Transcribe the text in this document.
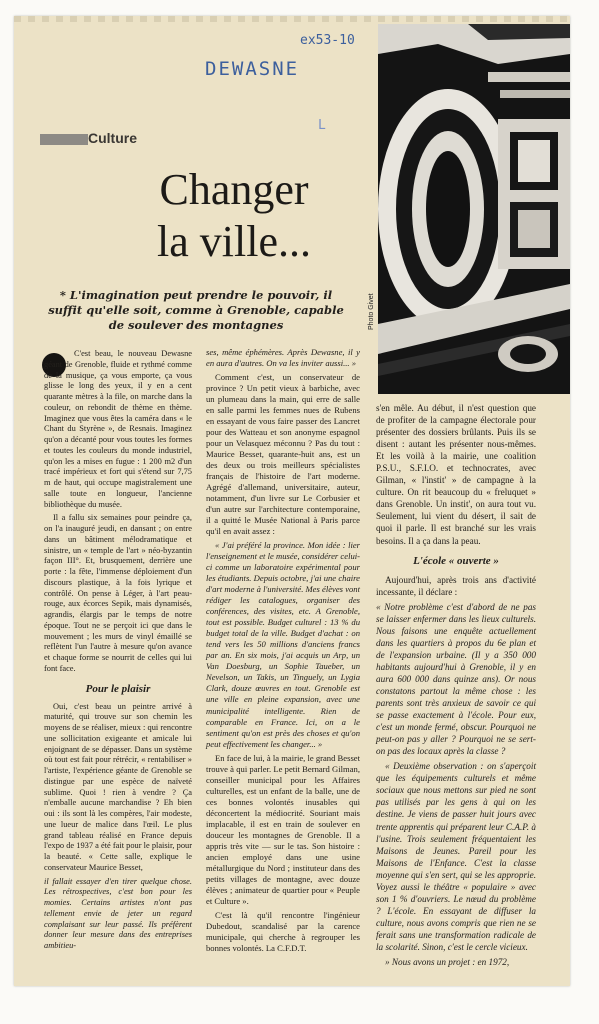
ex53-10
DEWASNE
L
Photo Givet
Culture
Changer
la ville...
* L'imagination peut prendre le pouvoir, il suffit qu'elle soit, comme à Grenoble, capable de soulever des montagnes

C'est beau, le nouveau Dewasne géant de Grenoble, fluide et rythmé comme de la musique, ça vous emporte, ça vous glisse le long des yeux, il y en a cent quarante mètres à la file, on marche dans la couleur, on rebondit de thème en thème. Imaginez que vous êtes la caméra dans « le Chant du Styrène », de Resnais. Imaginez qu'on a décanté pour vous toutes les formes et toutes les couleurs du monde industriel, qu'on les a mises en fugue : 1 200 m2 d'un tracé impérieux et fort qui s'étend sur 7,75 m de haut, qui occupe magistralement une salle toute en longueur, l'ancienne bibliothèque du musée.

Il a fallu six semaines pour peindre ça, on l'a inauguré jeudi, en dansant ; on entre dans un bâtiment mélodramatique et sinistre, un « temple de l'art » néo-byzantin façon III°. Et, brusquement, derrière une porte : la fête, l'immense déploiement d'un discours plastique, à la fois lyrique et contrôlé. On pense à Léger, à l'art peau-rouge, aux écorces Sepik, mais dynamisés, agrandis, élargis par le temps de notre époque. Tout ne se perçoit ici que dans le mouvement ; les murs de vinyl émaillé se reflètent l'un l'autre à mesure qu'on avance et chaque forme se nourrit de celles qui lui font face.

Pour le plaisir

Oui, c'est beau un peintre arrivé à maturité, qui trouve sur son chemin les moyens de se réaliser, mieux : qui rencontre une sollicitation exigeante et amicale lui enjoignant de se dépasser. Dans un système où tout est fait pour rétrécir, « rentabiliser » l'artiste, l'expérience géante de Grenoble se distingue par une espèce de naïveté sublime. Quoi ! rien à vendre ? Ça n'emballe aucune marchandise ? Eh bien oui : ils sont là les compères, l'air modeste, une lueur de malice dans l'œil. Le plus grand tableau réalisé en France depuis l'expo de 1937 a été fait pour le plaisir, pour la beauté. « Cette salle, explique le conservateur Maurice Besset,

il fallait essayer d'en tirer quelque chose. Les rétrospectives, c'est bon pour les momies. Certains artistes n'ont pas tellement envie de jeter un regard complaisant sur leur passé. Ils préfèrent donner leur mesure dans des entreprises ambitieu-

ses, même éphémères. Après Dewasne, il y en aura d'autres. On va les inviter aussi... »

Comment c'est, un conservateur de province ? Un petit vieux à barbiche, avec un plumeau dans la main, qui erre de salle en salle parmi les femmes nues de Rubens en essayant de vous faire passer des Lancret pour des Watteau et son anonyme espagnol pour un Velasquez méconnu ? Pas du tout : Maurice Besset, quarante-huit ans, est un des deux ou trois meilleurs spécialistes français de l'histoire de l'art moderne. Agrégé d'allemand, universitaire, auteur, notamment, d'un livre sur Le Corbusier et d'un autre sur l'architecture contemporaine, il a quitté le Musée National à Paris parce qu'il en avait assez :

« J'ai préféré la province. Mon idée : lier l'enseignement et le musée, considérer celui-ci comme un laboratoire expérimental pour les étudiants. Depuis octobre, j'ai une chaire d'art moderne à l'université. Mes élèves vont rédiger les catalogues, organiser des conférences, des visites, etc. A Grenoble, tout est possible. Budget culturel : 13 % du budget total de la ville. Budget d'achat : on tend vers les 50 millions d'anciens francs par an. En six mois, j'ai acquis un Arp, un Van Doesburg, un Sophie Taueber, un Nevelson, un Takis, un Tinguely, un Lygia Clark, douze œuvres en tout. Grenoble est une ville en pleine expansion, avec une municipalité intelligente. Rien de comparable en France. Ici, on a le sentiment qu'on est près des choses et qu'on peut effectivement les changer... »

En face de lui, à la mairie, le grand Besset trouve à qui parler. Le petit Bernard Gilman, conseiller municipal pour les Affaires culturelles, est un enfant de la balle, une de ces bonnes volontés inusables qui déconcertent la médiocrité. Souriant mais implacable, il est en train de soulever en douceur les montagnes de Grenoble. Il a appris très vite — sur le tas. Son histoire : ancien employé dans une usine métallurgique du Nord ; instituteur dans des petits villages de montagne, avec douze élèves ; animateur de quartier pour « Peuple et Culture ».

C'est là qu'il rencontre l'ingénieur Dubedout, scandalisé par la carence municipale, qui cherche à regrouper les bonnes volontés. La C.F.D.T.

s'en mêle. Au début, il n'est question que de profiter de la campagne électorale pour présenter des dossiers brûlants. Puis ils se disent : autant les présenter nous-mêmes. Et les voilà à la mairie, une coalition P.S.U., S.F.I.O. et technocrates, avec Gilman, « l'instit' » de campagne à la culture. On rit beaucoup du « freluquet » dans Grenoble. Un instit', on aura tout vu. Seulement, lui vient du désert, il sait de quoi il parle. Il est branché sur les vrais besoins. Il a ça dans la peau.

L'école « ouverte »

Aujourd'hui, après trois ans d'activité incessante, il déclare :

« Notre problème c'est d'abord de ne pas se laisser enfermer dans les lieux culturels. Nous faisons une enquête actuellement dans les quartiers à propos du 6e plan et de l'expansion urbaine. (Il y a 350 000 habitants aujourd'hui à Grenoble, il y en aura 600 000 dans quinze ans). Or nous constatons partout la même chose : les parents sont très anxieux de savoir ce qui se passe exactement à l'école. Pour eux, c'est un monde fermé, obscur. Pourquoi ne peut-on pas y aller ? Pourquoi ne se sert-on pas des locaux après la classe ?

« Deuxième observation : on s'aperçoit que les équipements culturels et même sociaux que nous mettons sur pied ne sont pas utilisés par les gens à qui on les destine. Je viens de passer huit jours avec trente apprentis qui préparent leur C.A.P. à l'usine. Trois seulement fréquentaient les Maisons de Jeunes. Pareil pour les Maisons de l'Enfance. C'est la classe moyenne qui s'en sert, qui se les approprie. Voyez aussi le théâtre « populaire » avec son 1 % d'ouvriers. Le nœud du problème ? L'école. En essayant de diffuser la culture, nous avons compris que rien ne se ferait sans une transformation radicale de la scolarité. Sinon, c'est le cercle vicieux.

» Nous avons un projet : en 1972,
